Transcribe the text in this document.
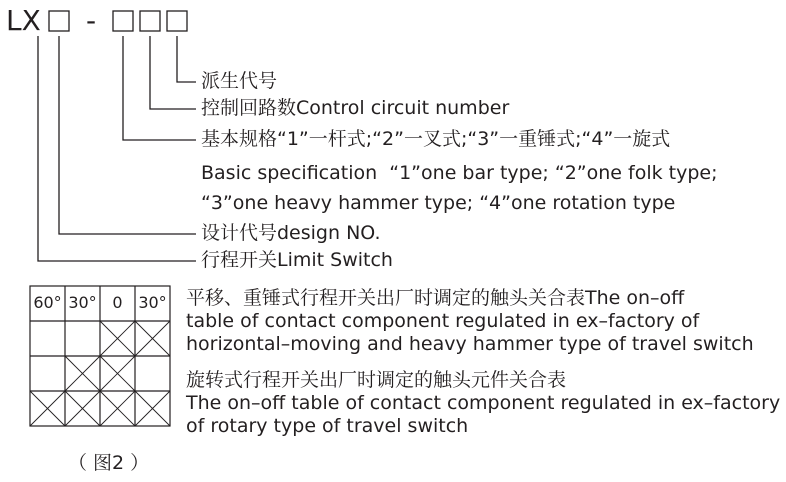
LX -
派生代号
控制回路数Control circuit number
基本规格“1”一杆式;“2”一叉式;“3”一重锤式;“4”一旋式
Basic specification  “1”one bar type; “2”one folk type;
“3”one heavy hammer type; “4”one rotation type
设计代号design NO.
行程开关Limit Switch
60° 30° 0 30° 平移、重锤式行程开关出厂时调定的触头关合表The on–off
table of contact component regulated in ex–factory of
horizontal–moving and heavy hammer type of travel switch
旋转式行程开关出厂时调定的触头元件关合表
The on–off table of contact component regulated in ex–factory
of rotary type of travel switch
（ 图2 ）
